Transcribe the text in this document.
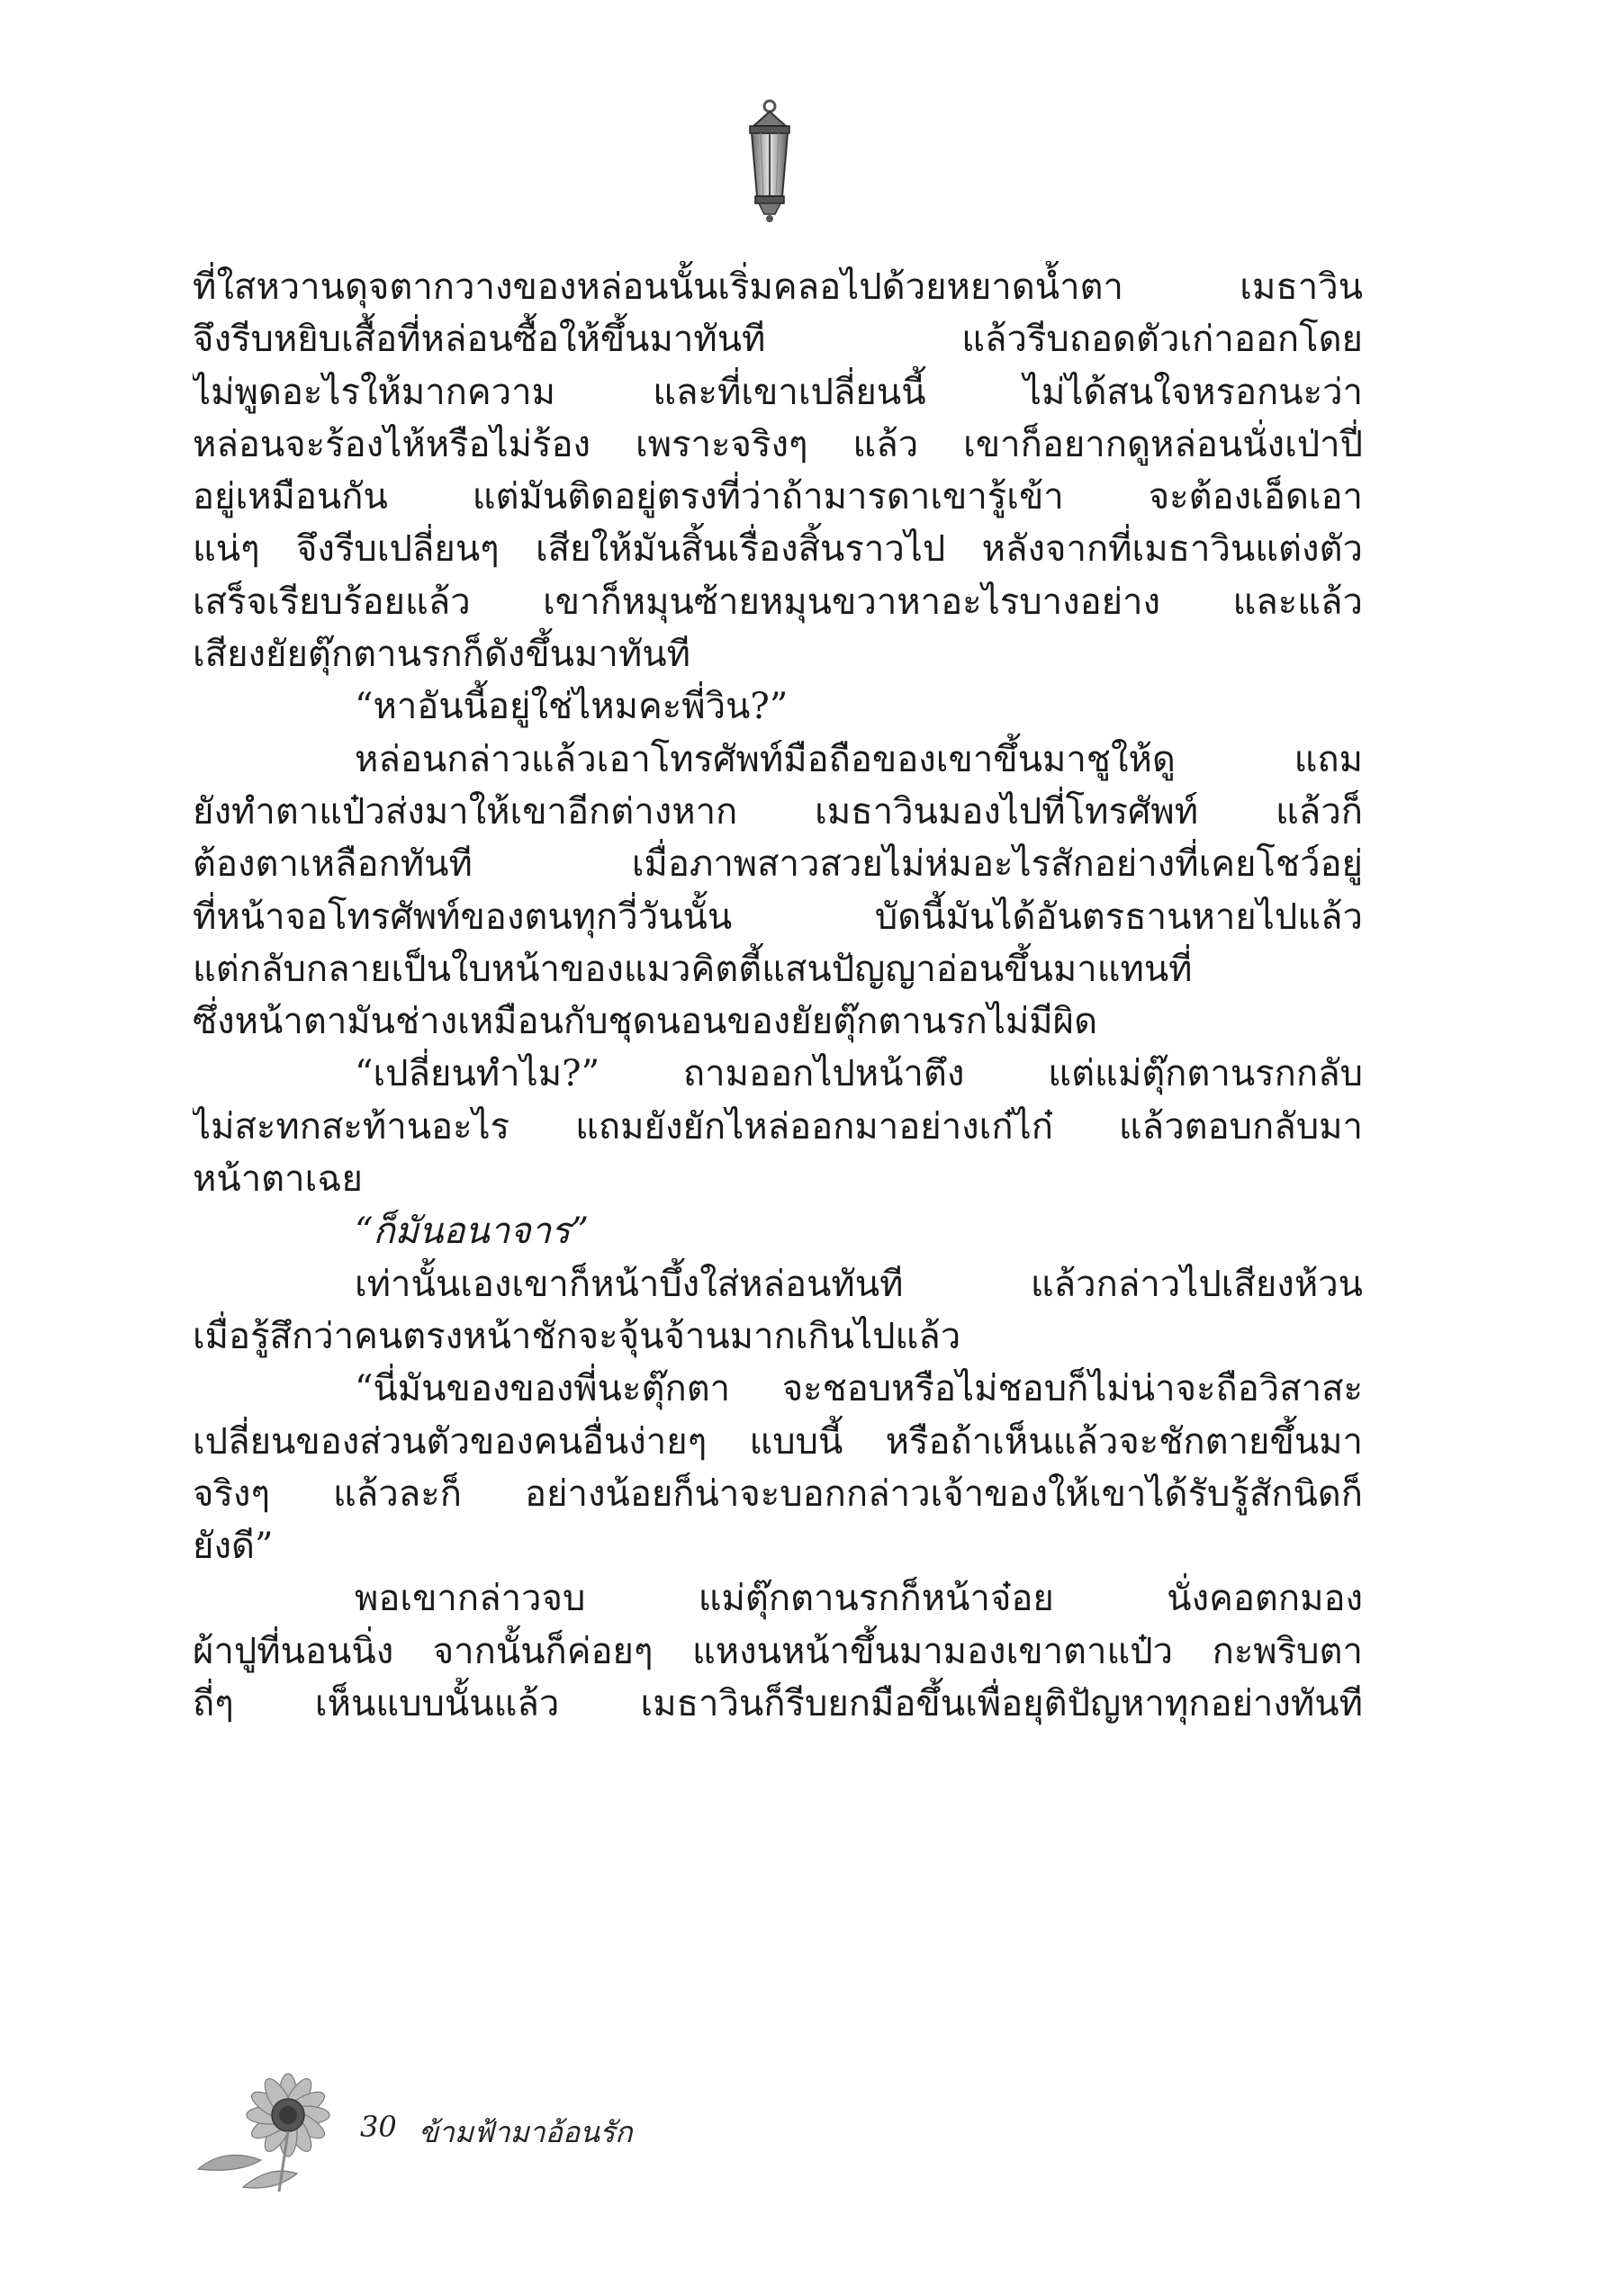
ที่ใสหวานดุจตากวางของหล่อนนั้นเริ่มคลอไปด้วยหยาดน้ำตา เมธาวิน
จึงรีบหยิบเสื้อที่หล่อนซื้อให้ขึ้นมาทันที แล้วรีบถอดตัวเก่าออกโดย
ไม่พูดอะไรให้มากความ และที่เขาเปลี่ยนนี้ ไม่ได้สนใจหรอกนะว่า
หล่อนจะร้องไห้หรือไม่ร้อง เพราะจริงๆ แล้ว เขาก็อยากดูหล่อนนั่งเป่าปี่
อยู่เหมือนกัน แต่มันติดอยู่ตรงที่ว่าถ้ามารดาเขารู้เข้า จะต้องเอ็ดเอา
แน่ๆ จึงรีบเปลี่ยนๆ เสียให้มันสิ้นเรื่องสิ้นราวไป หลังจากที่เมธาวินแต่งตัว
เสร็จเรียบร้อยแล้ว เขาก็หมุนซ้ายหมุนขวาหาอะไรบางอย่าง และแล้ว
เสียงยัยตุ๊กตานรกก็ดังขึ้นมาทันที
“หาอันนี้อยู่ใช่ไหมคะพี่วิน?”
หล่อนกล่าวแล้วเอาโทรศัพท์มือถือของเขาขึ้นมาชูให้ดู แถม
ยังทำตาแป๋วส่งมาให้เขาอีกต่างหาก เมธาวินมองไปที่โทรศัพท์ แล้วก็
ต้องตาเหลือกทันที เมื่อภาพสาวสวยไม่ห่มอะไรสักอย่างที่เคยโชว์อยู่
ที่หน้าจอโทรศัพท์ของตนทุกวี่วันนั้น บัดนี้มันได้อันตรธานหายไปแล้ว
แต่กลับกลายเป็นใบหน้าของแมวคิตตี้แสนปัญญาอ่อนขึ้นมาแทนที่
ซึ่งหน้าตามันช่างเหมือนกับชุดนอนของยัยตุ๊กตานรกไม่มีผิด
“เปลี่ยนทำไม?” ถามออกไปหน้าตึง แต่แม่ตุ๊กตานรกกลับ
ไม่สะทกสะท้านอะไร แถมยังยักไหล่ออกมาอย่างเก๋ไก๋ แล้วตอบกลับมา
หน้าตาเฉย
“ก็มันอนาจาร”
เท่านั้นเองเขาก็หน้าบึ้งใส่หล่อนทันที แล้วกล่าวไปเสียงห้วน
เมื่อรู้สึกว่าคนตรงหน้าชักจะจุ้นจ้านมากเกินไปแล้ว
“นี่มันของของพี่นะตุ๊กตา จะชอบหรือไม่ชอบก็ไม่น่าจะถือวิสาสะ
เปลี่ยนของส่วนตัวของคนอื่นง่ายๆ แบบนี้ หรือถ้าเห็นแล้วจะชักตายขึ้นมา
จริงๆ แล้วละก็ อย่างน้อยก็น่าจะบอกกล่าวเจ้าของให้เขาได้รับรู้สักนิดก็
ยังดี”
พอเขากล่าวจบ แม่ตุ๊กตานรกก็หน้าจ๋อย นั่งคอตกมอง
ผ้าปูที่นอนนิ่ง จากนั้นก็ค่อยๆ แหงนหน้าขึ้นมามองเขาตาแป๋ว กะพริบตา
ถี่ๆ เห็นแบบนั้นแล้ว เมธาวินก็รีบยกมือขึ้นเพื่อยุติปัญหาทุกอย่างทันที
30 ข้ามฟ้ามาอ้อนรัก
